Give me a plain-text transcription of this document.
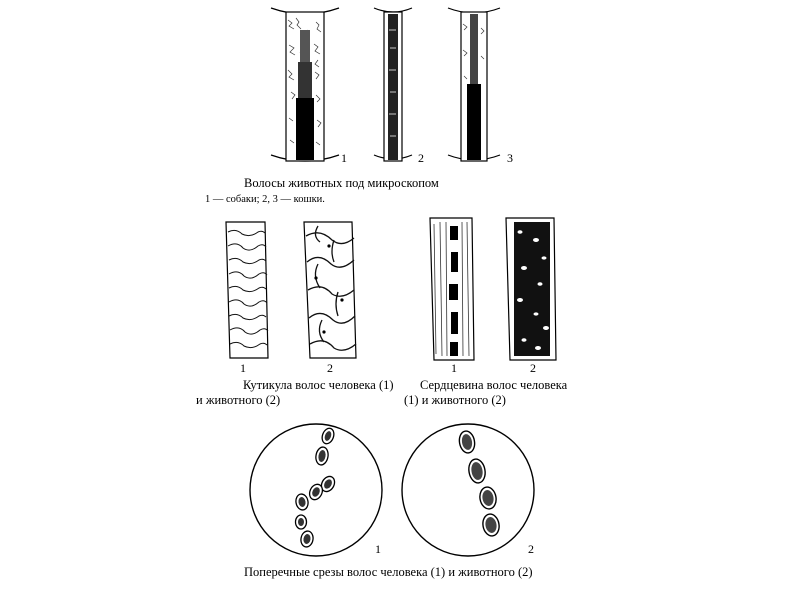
1	2	3
Волосы животных под микроскопом
1 — собаки; 2, 3 — кошки.
1	2
Кутикула волос человека (1)
и животного (2)
1	2
Сердцевина волос человека
(1) и животного (2)
1	2
Поперечные срезы волос человека (1) и животного (2)
